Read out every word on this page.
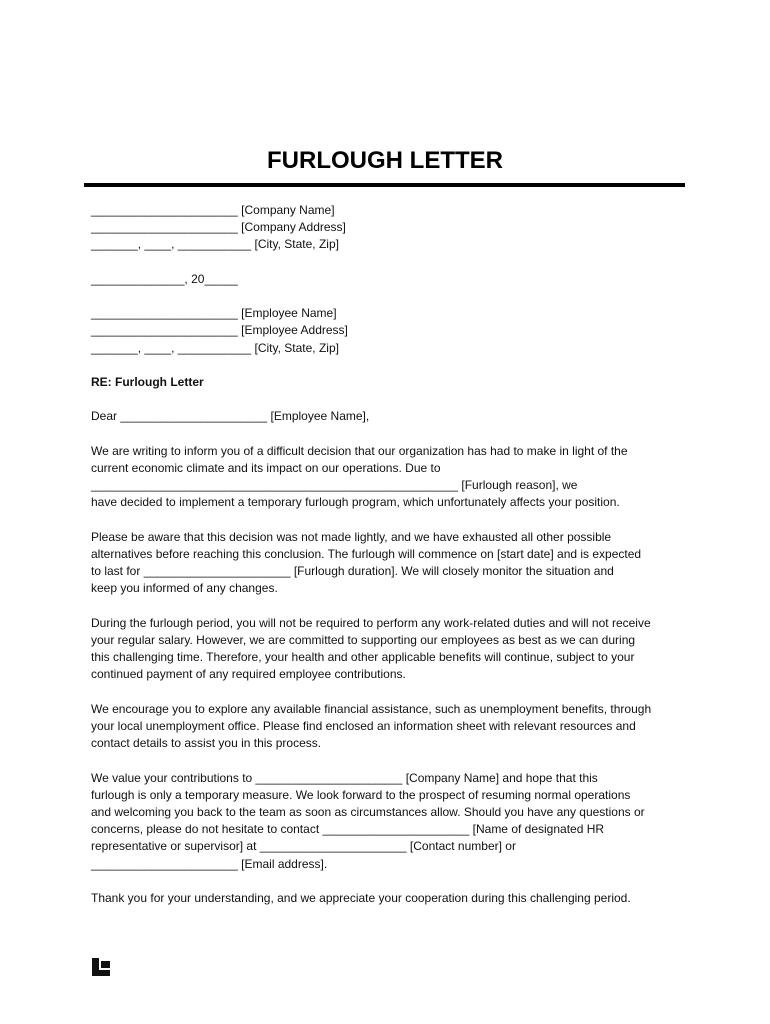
FURLOUGH LETTER

______________________ [Company Name]

______________________ [Company Address]

_______, ____, ___________ [City, State, Zip]

______________, 20_____

______________________ [Employee Name]

______________________ [Employee Address]

_______, ____, ___________ [City, State, Zip]

RE: Furlough Letter

Dear ______________________ [Employee Name],

We are writing to inform you of a difficult decision that our organization has had to make in light of the

current economic climate and its impact on our operations. Due to

_______________________________________________________ [Furlough reason], we

have decided to implement a temporary furlough program, which unfortunately affects your position.

Please be aware that this decision was not made lightly, and we have exhausted all other possible

alternatives before reaching this conclusion. The furlough will commence on [start date] and is expected

to last for ______________________ [Furlough duration]. We will closely monitor the situation and

keep you informed of any changes.

During the furlough period, you will not be required to perform any work-related duties and will not receive

your regular salary. However, we are committed to supporting our employees as best as we can during

this challenging time. Therefore, your health and other applicable benefits will continue, subject to your

continued payment of any required employee contributions.

We encourage you to explore any available financial assistance, such as unemployment benefits, through

your local unemployment office. Please find enclosed an information sheet with relevant resources and

contact details to assist you in this process.

We value your contributions to ______________________ [Company Name] and hope that this

furlough is only a temporary measure. We look forward to the prospect of resuming normal operations

and welcoming you back to the team as soon as circumstances allow. Should you have any questions or

concerns, please do not hesitate to contact ______________________ [Name of designated HR

representative or supervisor] at ______________________ [Contact number] or

______________________ [Email address].

Thank you for your understanding, and we appreciate your cooperation during this challenging period.
